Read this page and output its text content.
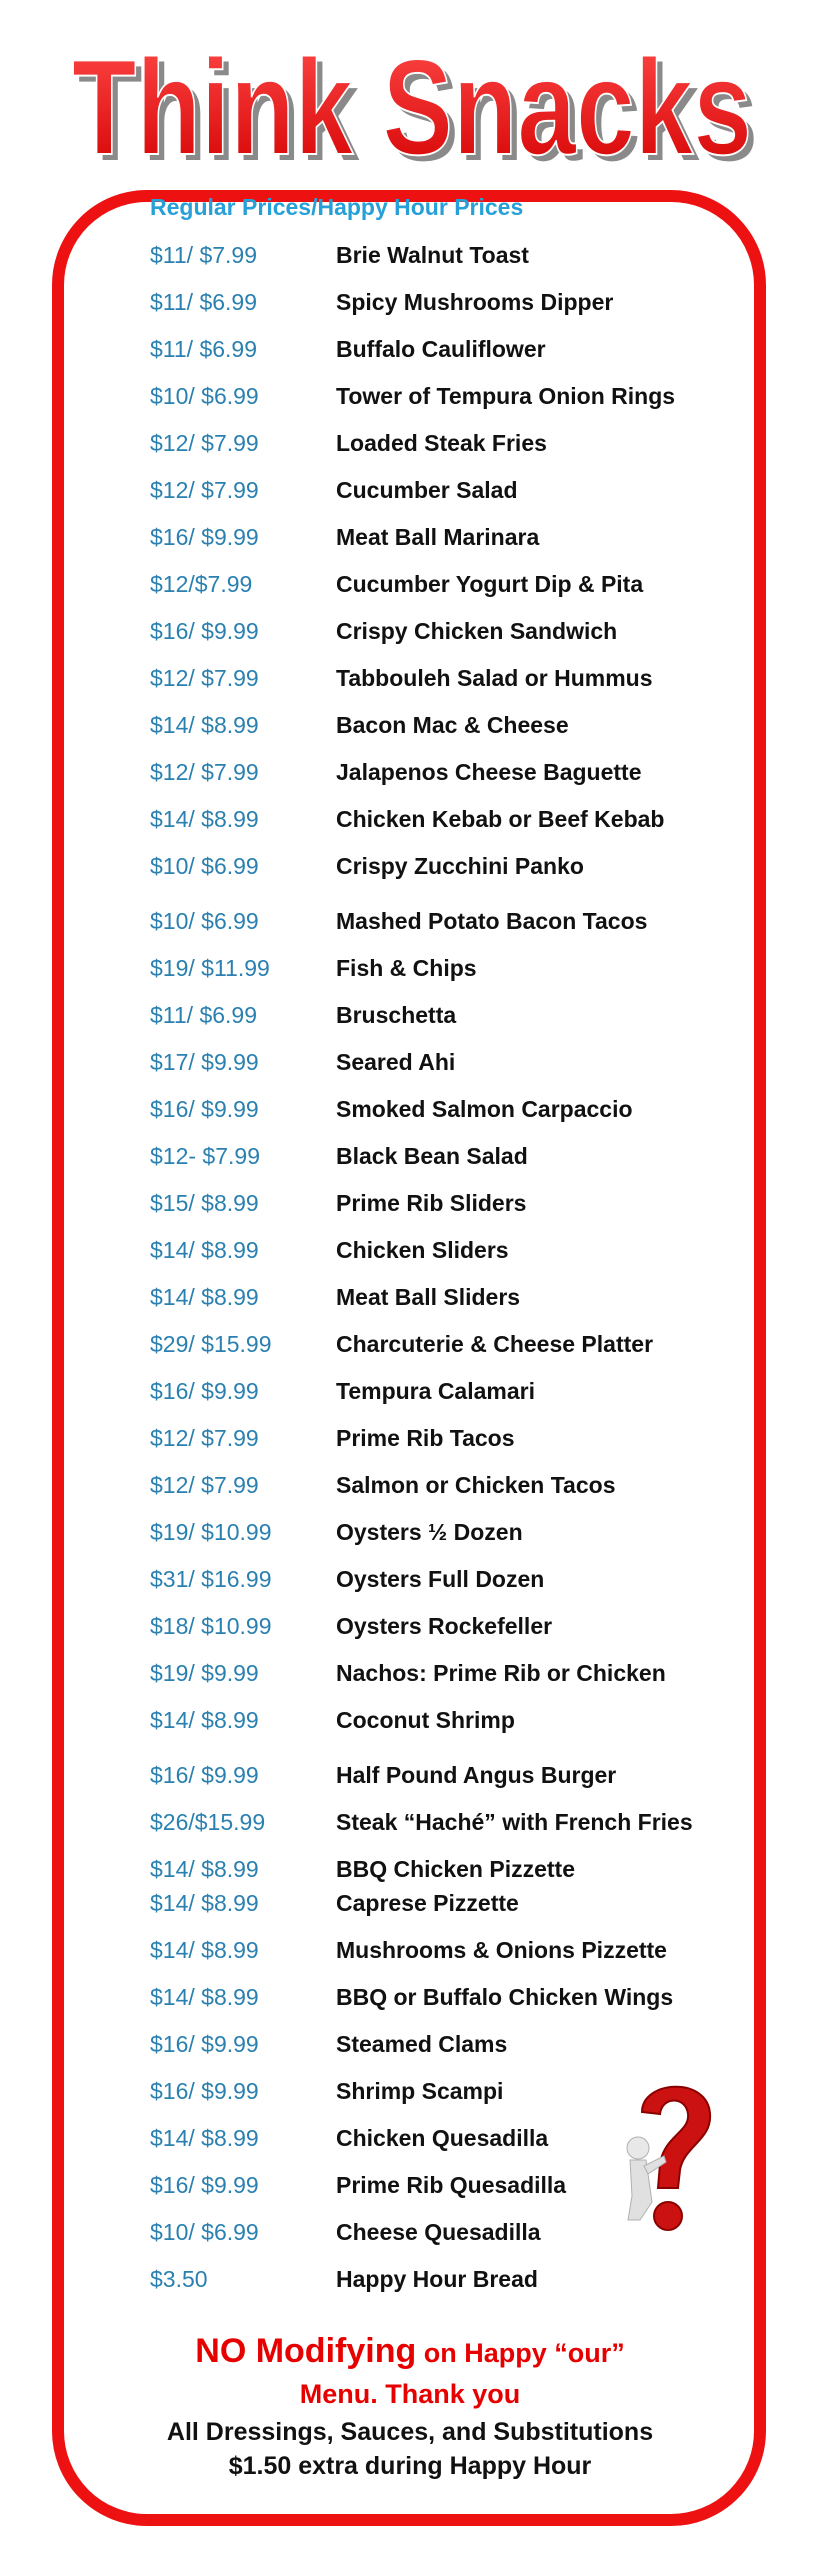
Think Snacks
Think Snacks
Regular Prices/Happy Hour Prices
$11/ $7.99	Brie Walnut Toast
$11/ $6.99	Spicy Mushrooms Dipper
$11/ $6.99	Buffalo Cauliflower
$10/ $6.99	Tower of Tempura Onion Rings
$12/ $7.99	Loaded Steak Fries
$12/ $7.99	Cucumber Salad
$16/ $9.99	Meat Ball Marinara
$12/$7.99	Cucumber Yogurt Dip & Pita
$16/ $9.99	Crispy Chicken Sandwich
$12/ $7.99	Tabbouleh Salad or Hummus
$14/ $8.99	Bacon Mac & Cheese
$12/ $7.99	Jalapenos Cheese Baguette
$14/ $8.99	Chicken Kebab or Beef Kebab
$10/ $6.99	Crispy Zucchini Panko
$10/ $6.99	Mashed Potato Bacon Tacos
$19/ $11.99	Fish & Chips
$11/ $6.99	Bruschetta
$17/ $9.99	Seared Ahi
$16/ $9.99	Smoked Salmon Carpaccio
$12- $7.99	Black Bean Salad
$15/ $8.99	Prime Rib Sliders
$14/ $8.99	Chicken Sliders
$14/ $8.99	Meat Ball Sliders
$29/ $15.99	Charcuterie & Cheese Platter
$16/ $9.99	Tempura Calamari
$12/ $7.99	Prime Rib Tacos
$12/ $7.99	Salmon or Chicken Tacos
$19/ $10.99	Oysters ½ Dozen
$31/ $16.99	Oysters Full Dozen
$18/ $10.99	Oysters Rockefeller
$19/ $9.99	Nachos: Prime Rib or Chicken
$14/ $8.99	Coconut Shrimp
$16/ $9.99	Half Pound Angus Burger
$26/$15.99	Steak “Haché” with French Fries
$14/ $8.99	BBQ Chicken Pizzette
$14/ $8.99	Caprese Pizzette
$14/ $8.99	Mushrooms & Onions Pizzette
$14/ $8.99	BBQ or Buffalo Chicken Wings
$16/ $9.99	Steamed Clams
$16/ $9.99	Shrimp Scampi
$14/ $8.99	Chicken Quesadilla
$16/ $9.99	Prime Rib Quesadilla
$10/ $6.99	Cheese Quesadilla
$3.50	Happy Hour Bread
NO Modifying on Happy “our”
Menu. Thank you
All Dressings, Sauces, and Substitutions
$1.50 extra during Happy Hour
